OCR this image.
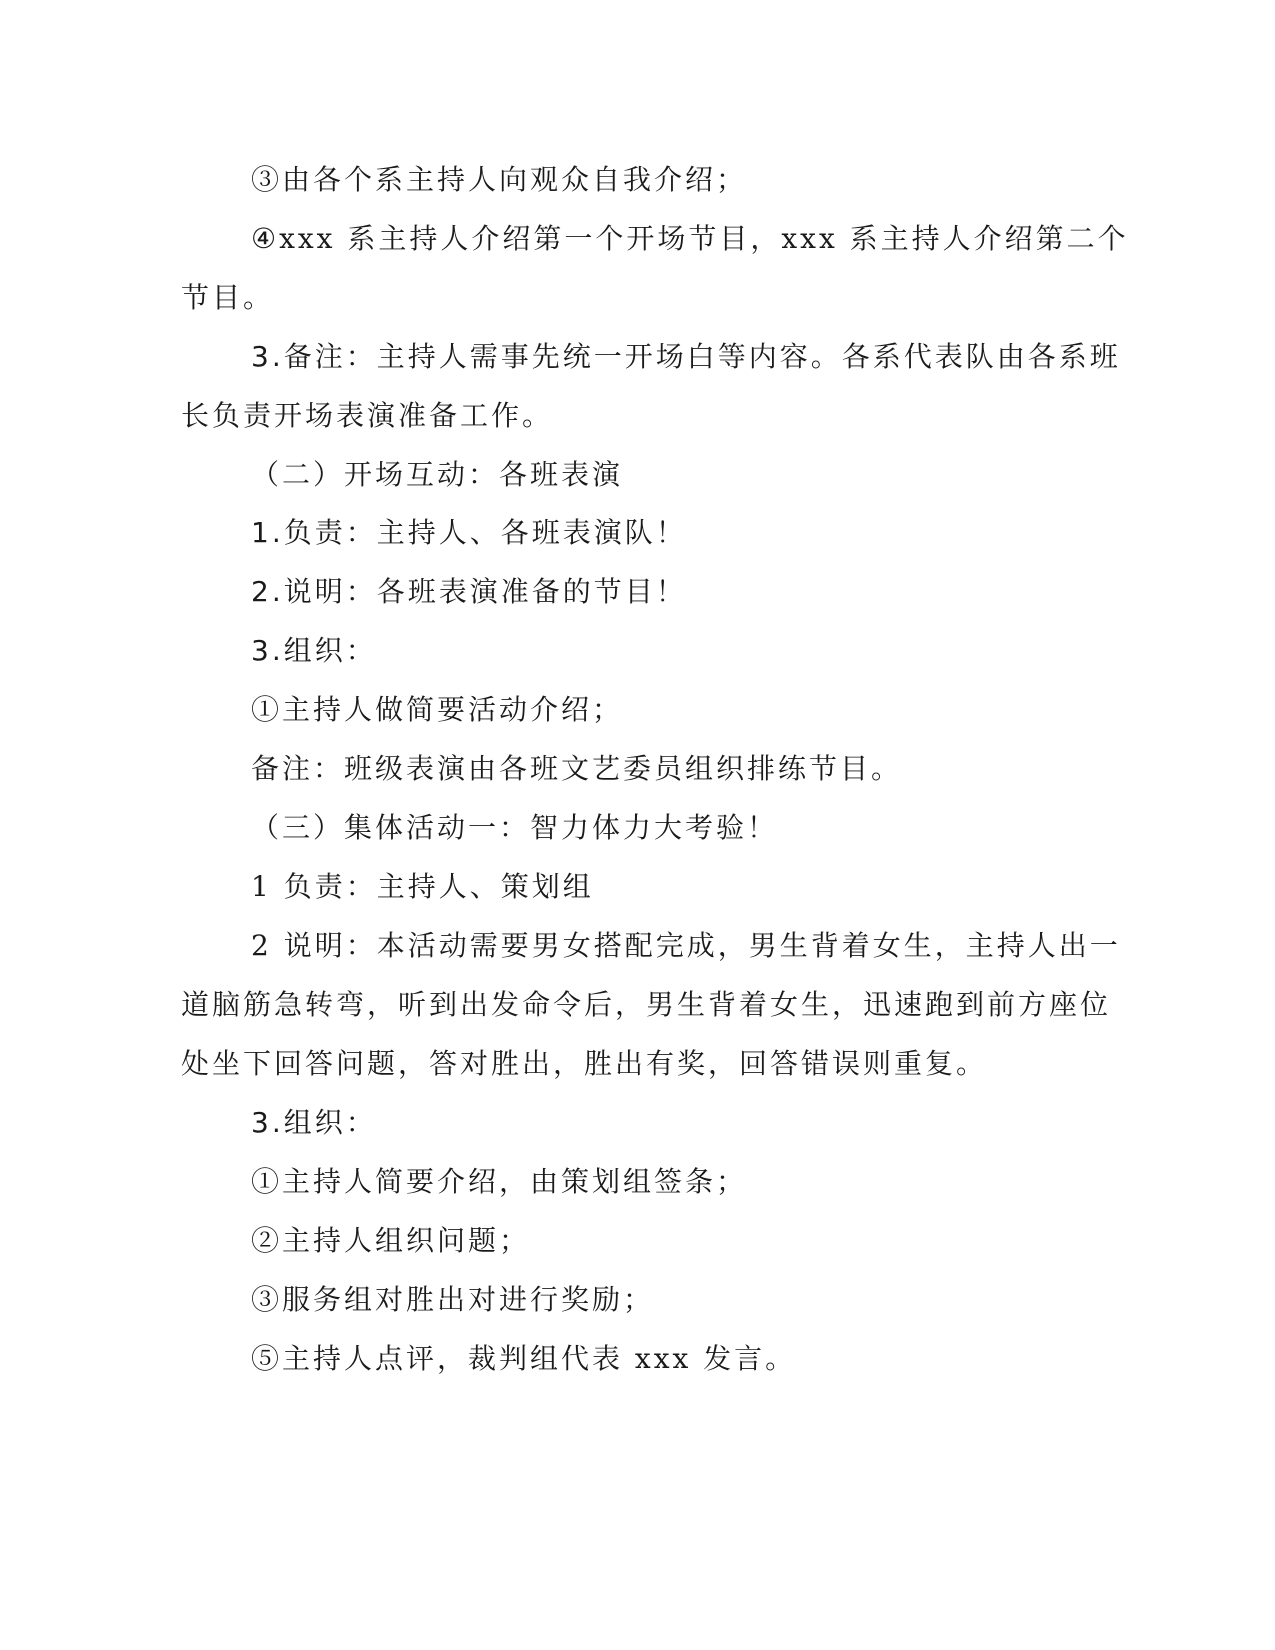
③由各个系主持人向观众自我介绍；
④xxx 系主持人介绍第一个开场节目，xxx 系主持人介绍第二个
节目。
3.备注：主持人需事先统一开场白等内容。各系代表队由各系班
长负责开场表演准备工作。
（二）开场互动：各班表演
1.负责：主持人、各班表演队！
2.说明：各班表演准备的节目！
3.组织：
①主持人做简要活动介绍；
备注：班级表演由各班文艺委员组织排练节目。
（三）集体活动一：智力体力大考验！
1 负责：主持人、策划组
2 说明：本活动需要男女搭配完成，男生背着女生，主持人出一
道脑筋急转弯，听到出发命令后，男生背着女生，迅速跑到前方座位
处坐下回答问题，答对胜出，胜出有奖，回答错误则重复。
3.组织：
①主持人简要介绍，由策划组签条；
②主持人组织问题；
③服务组对胜出对进行奖励；
⑤主持人点评，裁判组代表 xxx 发言。
